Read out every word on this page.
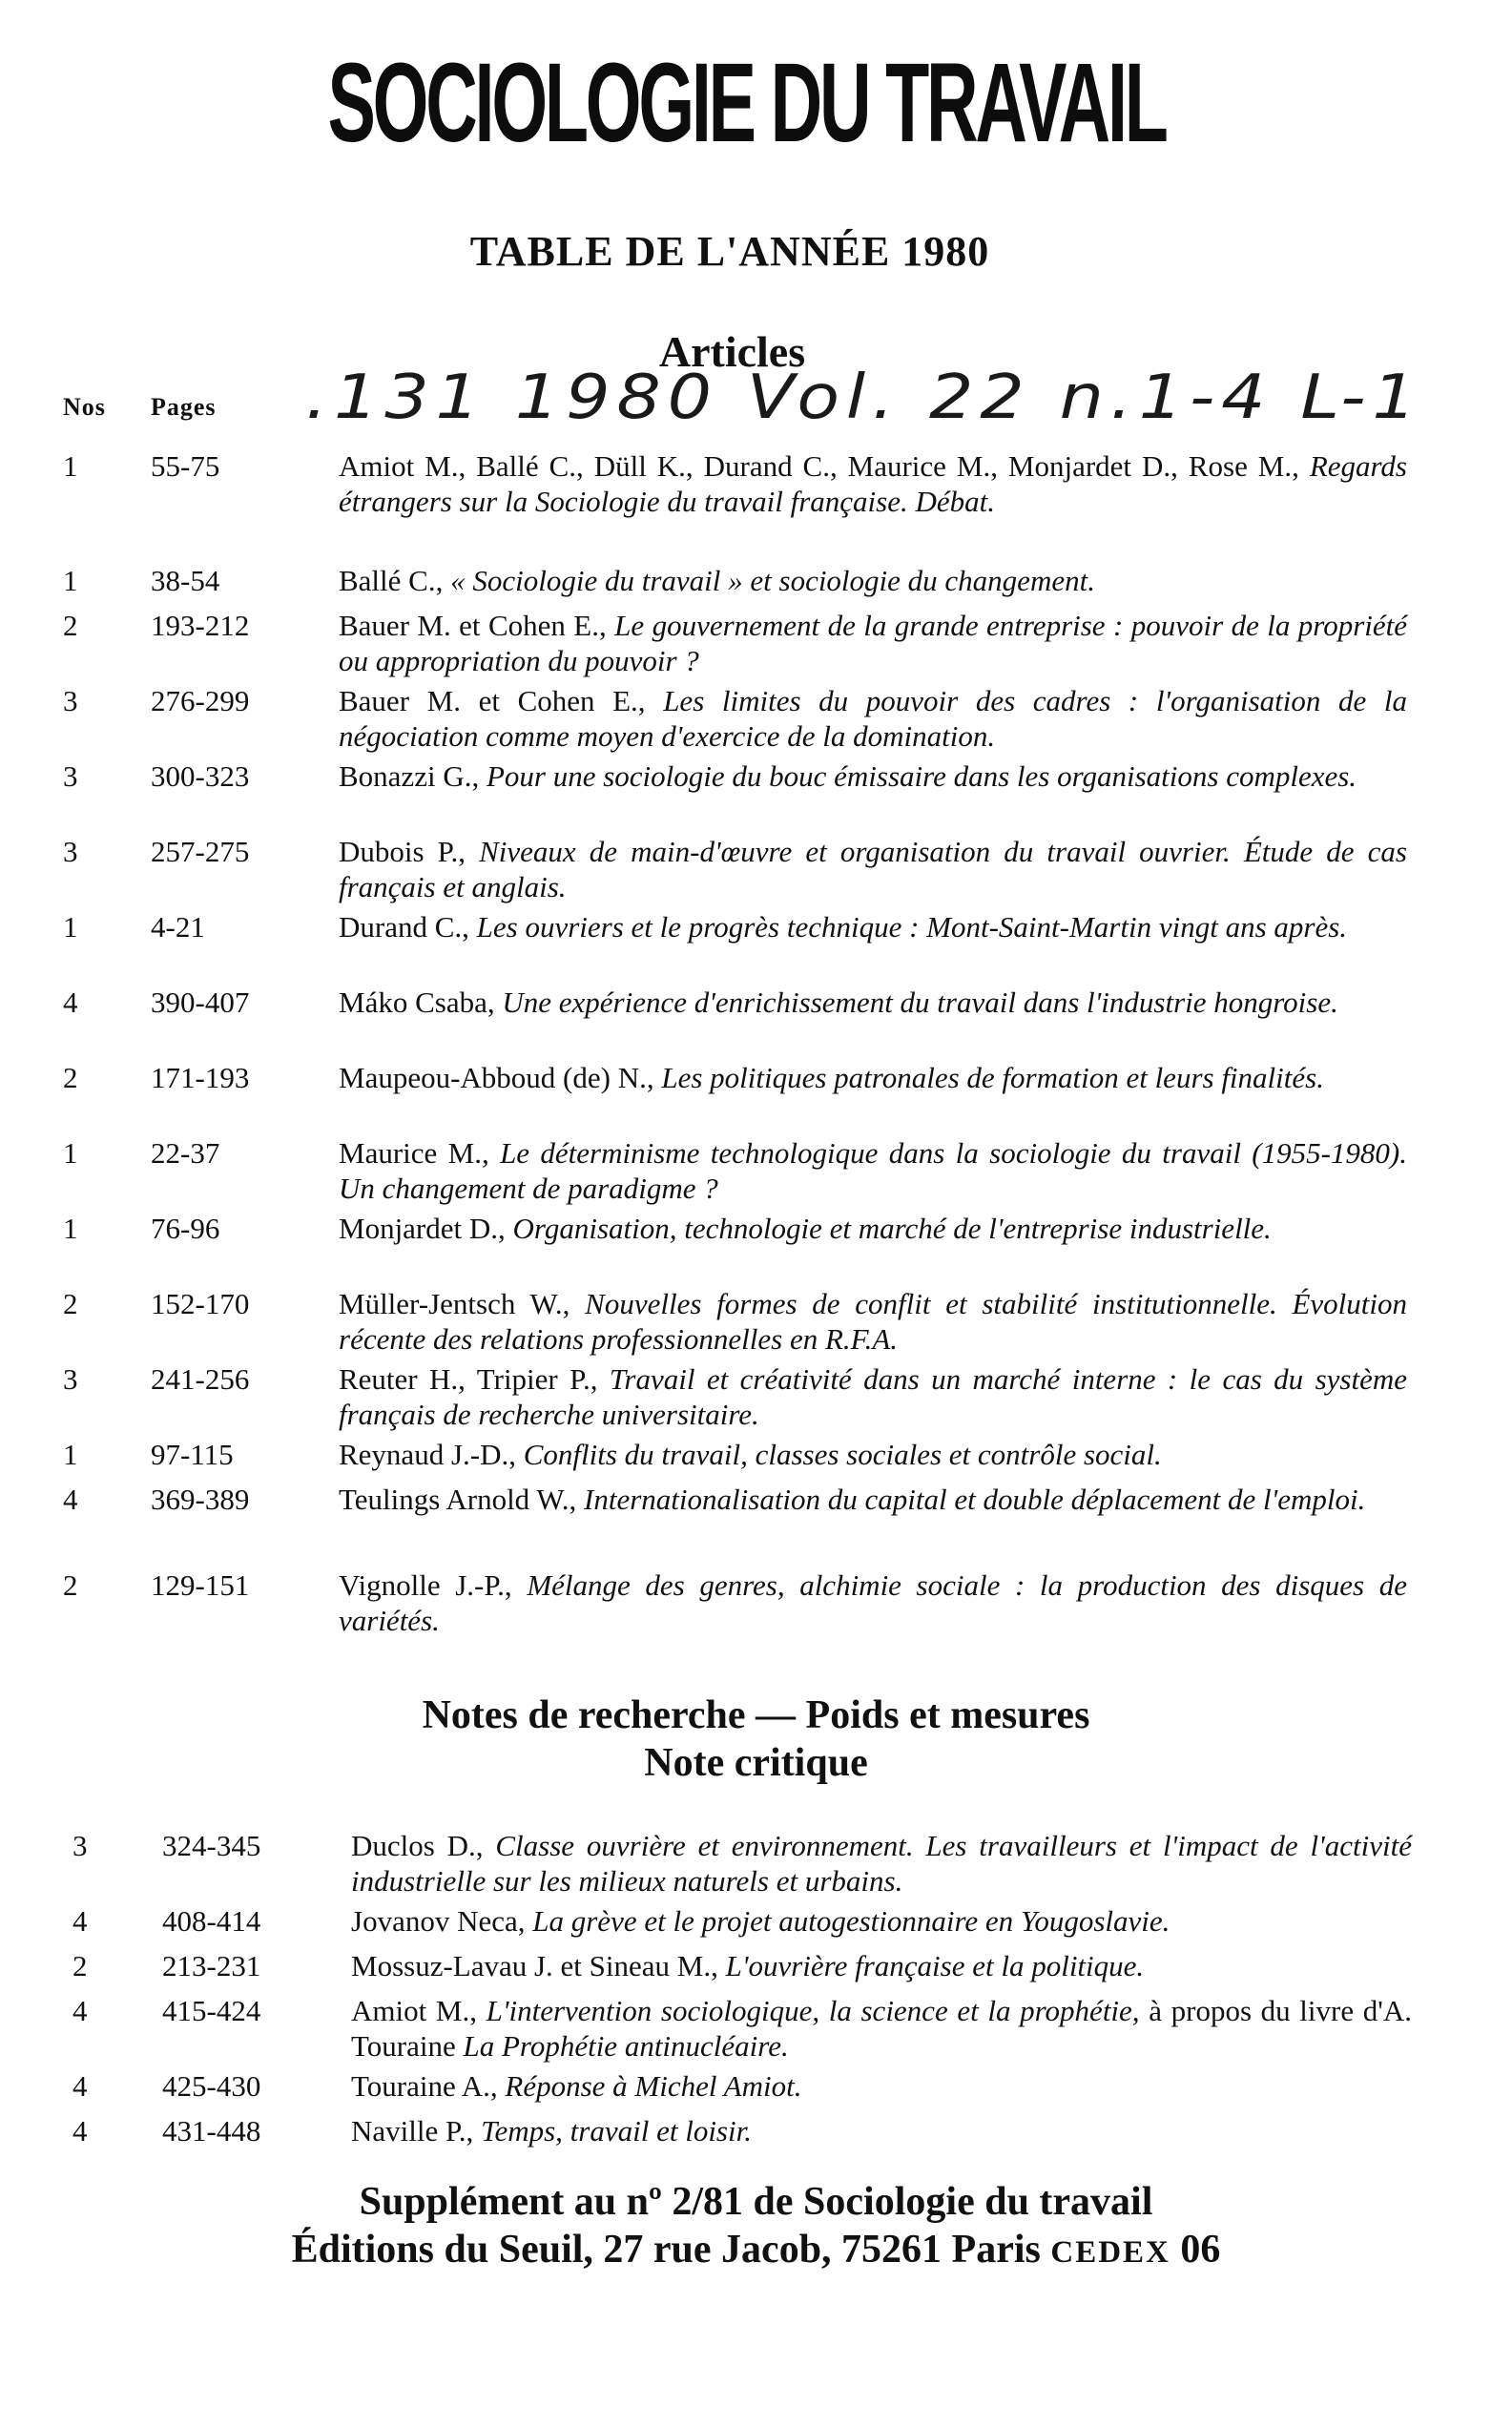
SOCIOLOGIE DU TRAVAIL
TABLE DE L'ANNÉE 1980
Articles
Nos Pages .131 1980 Vol. 22 n.1-4 L-1
1	55-75	Amiot M., Ballé C., Düll K., Durand C., Maurice M., Monjardet D., Rose M., Regards étrangers sur la Sociologie du travail française. Débat.
1	38-54	Ballé C., « Sociologie du travail » et sociologie du changement.
2	193-212	Bauer M. et Cohen E., Le gouvernement de la grande entreprise : pouvoir de la propriété ou appropriation du pouvoir ?
3	276-299	Bauer M. et Cohen E., Les limites du pouvoir des cadres : l'organisation de la négociation comme moyen d'exercice de la domination.
3	300-323	Bonazzi G., Pour une sociologie du bouc émissaire dans les organisations complexes.
3	257-275	Dubois P., Niveaux de main-d'œuvre et organisation du travail ouvrier. Étude de cas français et anglais.
1	4-21	Durand C., Les ouvriers et le progrès technique : Mont-Saint-Martin vingt ans après.
4	390-407	Máko Csaba, Une expérience d'enrichissement du travail dans l'industrie hongroise.
2	171-193	Maupeou-Abboud (de) N., Les politiques patronales de formation et leurs finalités.
1	22-37	Maurice M., Le déterminisme technologique dans la sociologie du travail (1955-1980). Un changement de paradigme ?
1	76-96	Monjardet D., Organisation, technologie et marché de l'entreprise industrielle.
2	152-170	Müller-Jentsch W., Nouvelles formes de conflit et stabilité institutionnelle. Évolution récente des relations professionnelles en R.F.A.
3	241-256	Reuter H., Tripier P., Travail et créativité dans un marché interne : le cas du système français de recherche universitaire.
1	97-115	Reynaud J.-D., Conflits du travail, classes sociales et contrôle social.
4	369-389	Teulings Arnold W., Internationalisation du capital et double déplacement de l'emploi.
2	129-151	Vignolle J.-P., Mélange des genres, alchimie sociale : la production des disques de variétés.
Notes de recherche — Poids et mesures
Note critique
3	324-345	Duclos D., Classe ouvrière et environnement. Les travailleurs et l'impact de l'activité industrielle sur les milieux naturels et urbains.
4	408-414	Jovanov Neca, La grève et le projet autogestionnaire en Yougoslavie.
2	213-231	Mossuz-Lavau J. et Sineau M., L'ouvrière française et la politique.
4	415-424	Amiot M., L'intervention sociologique, la science et la prophétie, à propos du livre d'A. Touraine La Prophétie antinucléaire.
4	425-430	Touraine A., Réponse à Michel Amiot.
4	431-448	Naville P., Temps, travail et loisir.
Supplément au nº 2/81 de Sociologie du travail
Éditions du Seuil, 27 rue Jacob, 75261 Paris CEDEX 06
